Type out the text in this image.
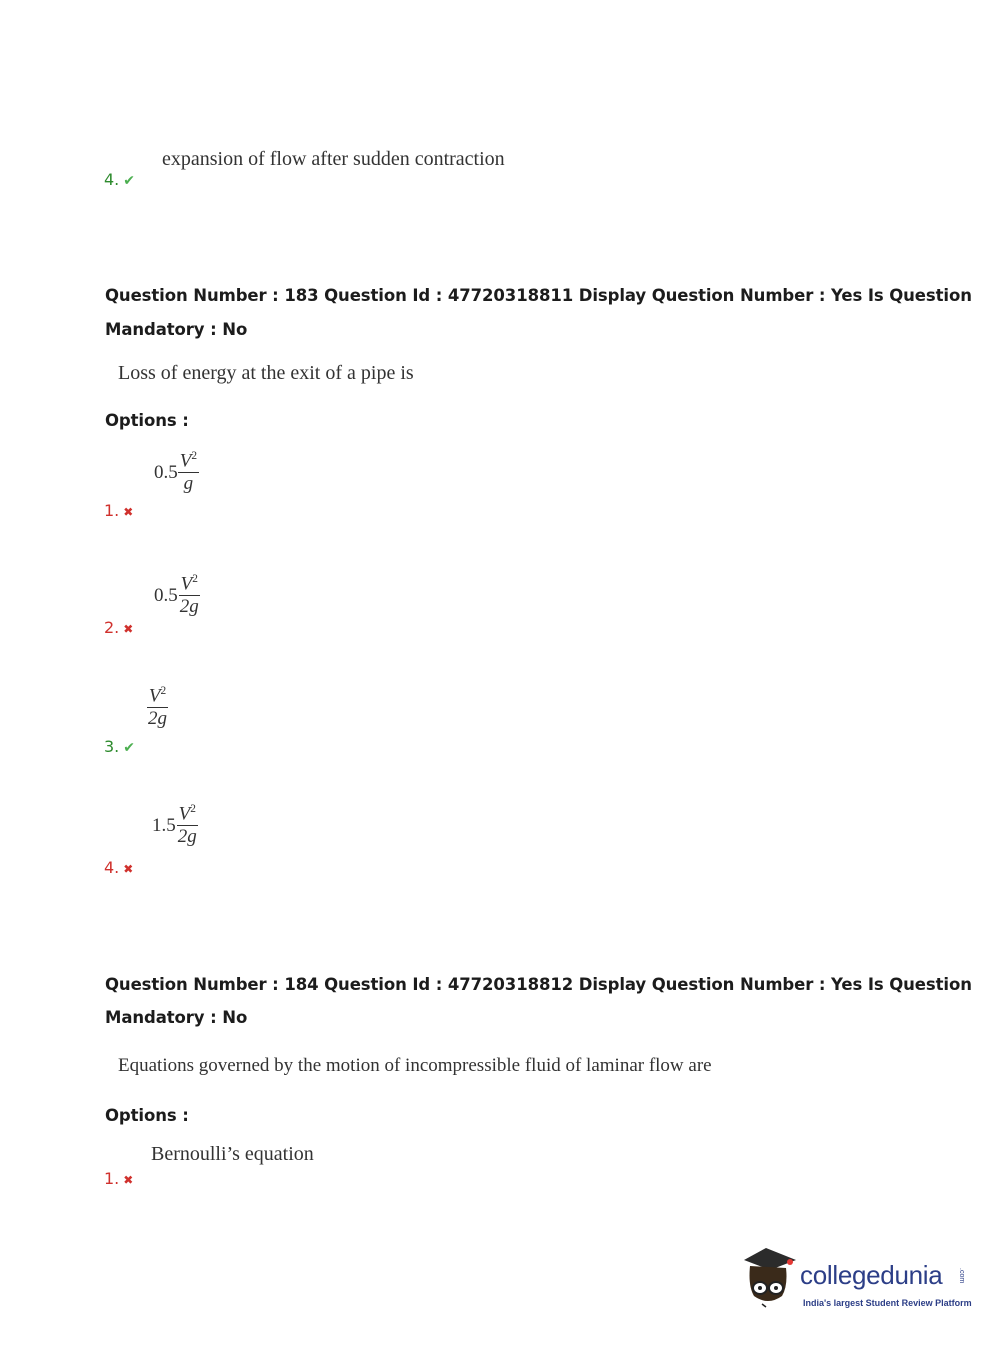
expansion of flow after sudden contraction
4. ✔
Question Number : 183 Question Id : 47720318811 Display Question Number : Yes Is Question
Mandatory : No
Loss of energy at the exit of a pipe is
Options :
$0.5 \frac{V^2}{g}$
1. ✖
$0.5 \frac{V^2}{2g}$
2. ✖
$\frac{V^2}{2g}$
3. ✔
$1.5 \frac{V^2}{2g}$
4. ✖
Question Number : 184 Question Id : 47720318812 Display Question Number : Yes Is Question
Mandatory : No
Equations governed by the motion of incompressible fluid of laminar flow are
Options :
Bernoulli’s equation
1. ✖
collegedunia .com
India's largest Student Review Platform
